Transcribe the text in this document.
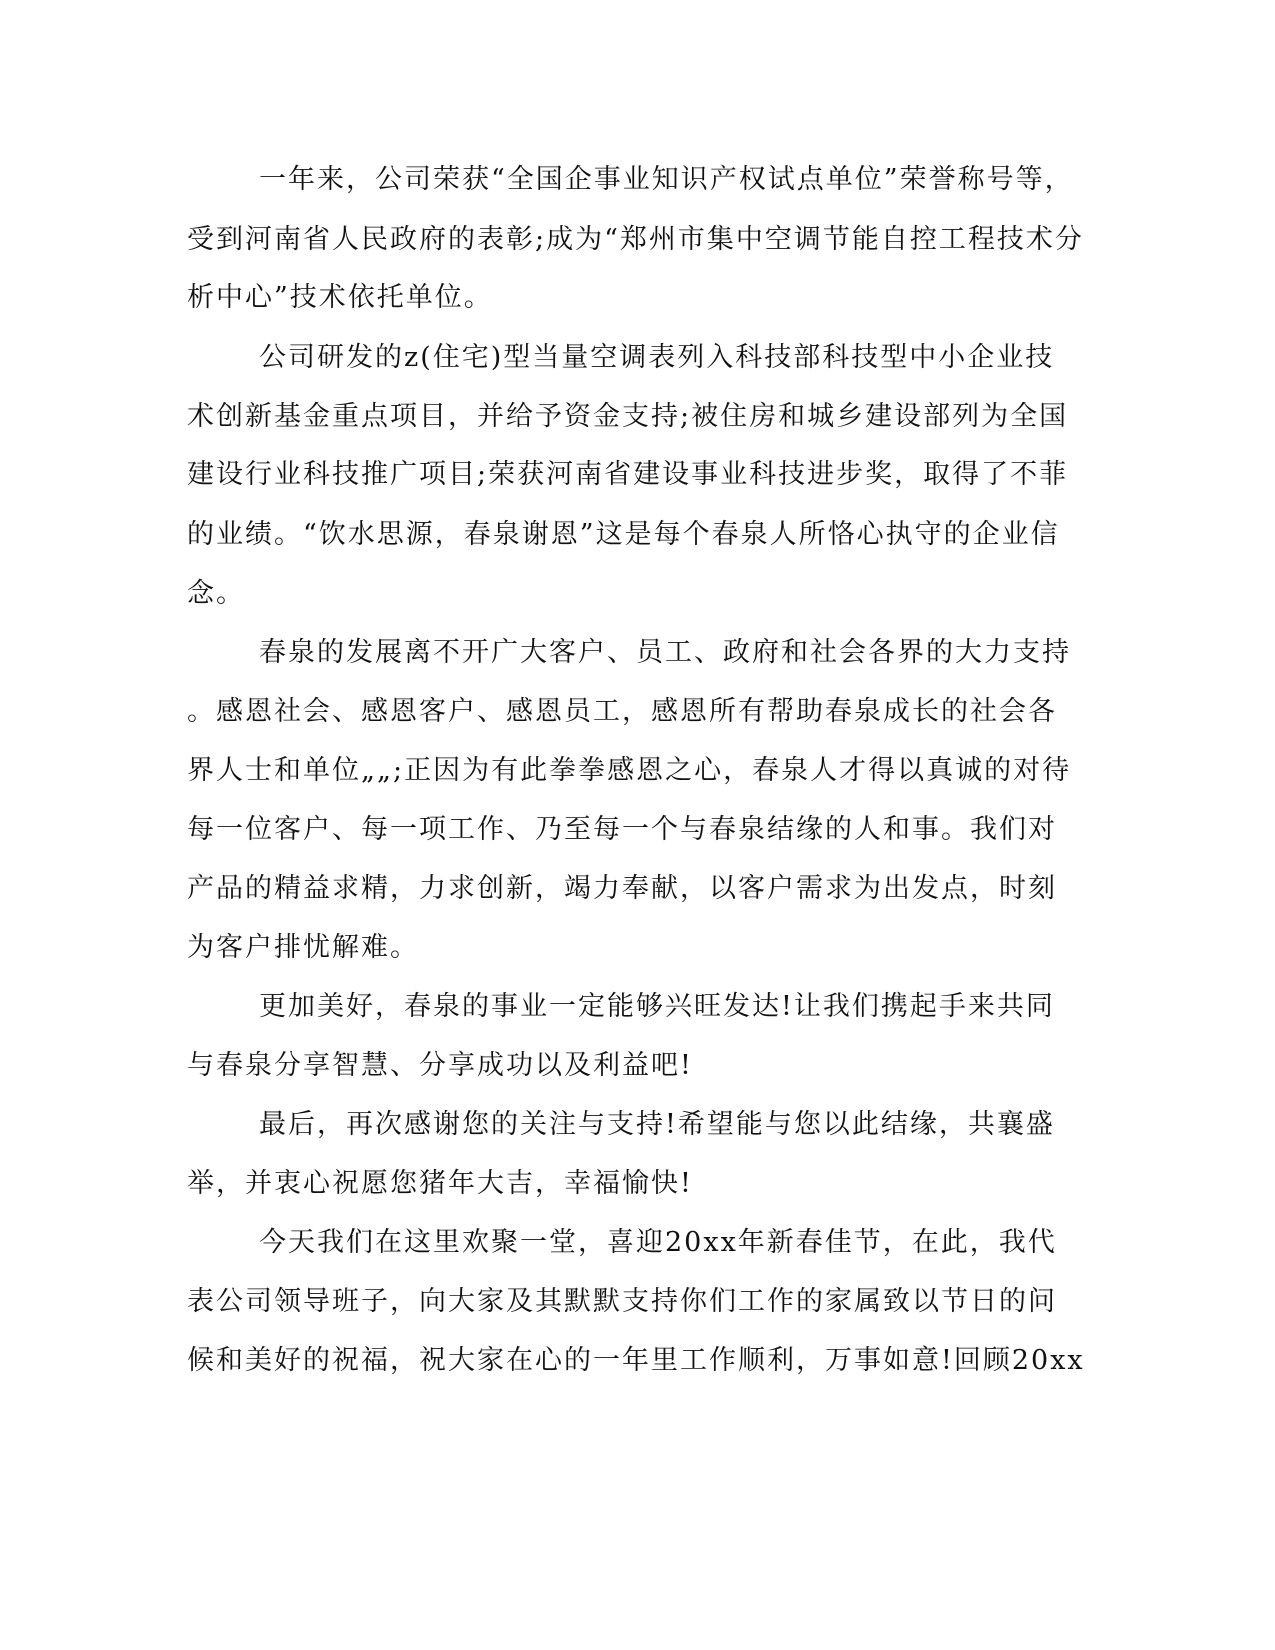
一年来，公司荣获“全国企事业知识产权试点单位”荣誉称号等，

受到河南省人民政府的表彰;成为“郑州市集中空调节能自控工程技术分

析中心”技术依托单位。

公司研发的z(住宅)型当量空调表列入科技部科技型中小企业技

术创新基金重点项目，并给予资金支持;被住房和城乡建设部列为全国

建设行业科技推广项目;荣获河南省建设事业科技进步奖，取得了不菲

的业绩。“饮水思源，春泉谢恩”这是每个春泉人所恪心执守的企业信

念。

春泉的发展离不开广大客户、员工、政府和社会各界的大力支持

。感恩社会、感恩客户、感恩员工，感恩所有帮助春泉成长的社会各

界人士和单位„„;正因为有此拳拳感恩之心，春泉人才得以真诚的对待

每一位客户、每一项工作、乃至每一个与春泉结缘的人和事。我们对

产品的精益求精，力求创新，竭力奉献，以客户需求为出发点，时刻

为客户排忧解难。

更加美好，春泉的事业一定能够兴旺发达!让我们携起手来共同

与春泉分享智慧、分享成功以及利益吧!

最后，再次感谢您的关注与支持!希望能与您以此结缘，共襄盛

举，并衷心祝愿您猪年大吉，幸福愉快!

今天我们在这里欢聚一堂，喜迎20xx年新春佳节，在此，我代

表公司领导班子，向大家及其默默支持你们工作的家属致以节日的问

候和美好的祝福，祝大家在心的一年里工作顺利，万事如意!回顾20xx
